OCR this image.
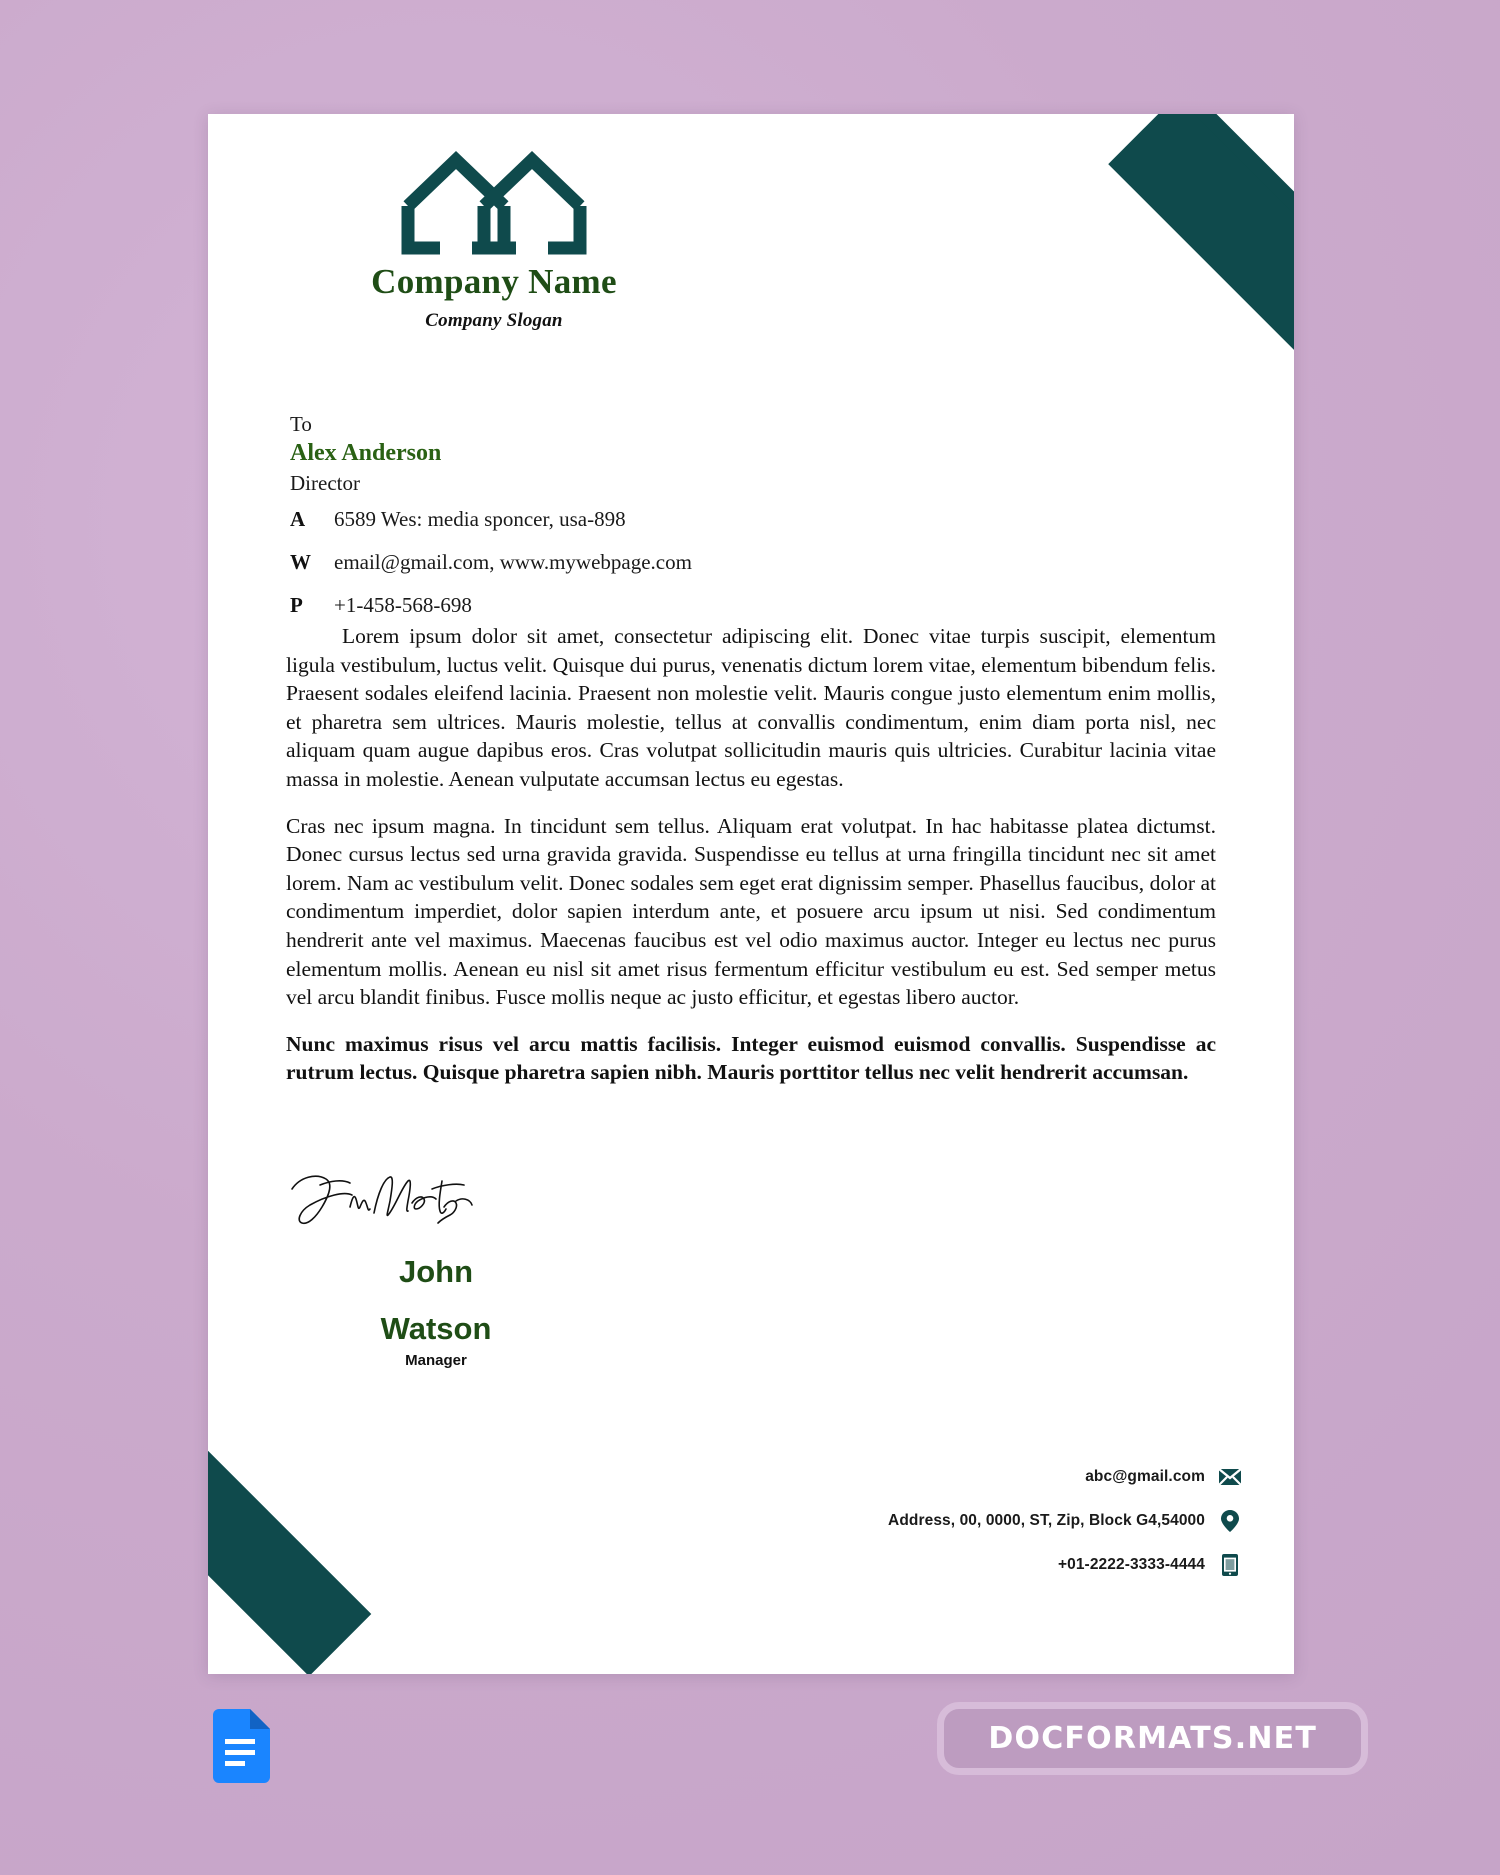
Company Name
Company Slogan
To
Alex Anderson
Director
A	6589 Wes: media sponcer, usa-898
W	email@gmail.com, www.mywebpage.com
P	+1-458-568-698

Lorem ipsum dolor sit amet, consectetur adipiscing elit. Donec vitae turpis suscipit, elementum ligula vestibulum, luctus velit. Quisque dui purus, venenatis dictum lorem vitae, elementum bibendum felis. Praesent sodales eleifend lacinia. Praesent non molestie velit. Mauris congue justo elementum enim mollis, et pharetra sem ultrices. Mauris molestie, tellus at convallis condimentum, enim diam porta nisl, nec aliquam quam augue dapibus eros. Cras volutpat sollicitudin mauris quis ultricies. Curabitur lacinia vitae massa in molestie. Aenean vulputate accumsan lectus eu egestas.

Cras nec ipsum magna. In tincidunt sem tellus. Aliquam erat volutpat. In hac habitasse platea dictumst. Donec cursus lectus sed urna gravida gravida. Suspendisse eu tellus at urna fringilla tincidunt nec sit amet lorem. Nam ac vestibulum velit. Donec sodales sem eget erat dignissim semper. Phasellus faucibus, dolor at condimentum imperdiet, dolor sapien interdum ante, et posuere arcu ipsum ut nisi. Sed condimentum hendrerit ante vel maximus. Maecenas faucibus est vel odio maximus auctor. Integer eu lectus nec purus elementum mollis. Aenean eu nisl sit amet risus fermentum efficitur vestibulum eu est. Sed semper metus vel arcu blandit finibus. Fusce mollis neque ac justo efficitur, et egestas libero auctor.

Nunc maximus risus vel arcu mattis facilisis. Integer euismod euismod convallis. Suspendisse ac rutrum lectus. Quisque pharetra sapien nibh. Mauris porttitor tellus nec velit hendrerit accumsan.

John
Watson
Manager
abc@gmail.com
Address, 00, 0000, ST, Zip, Block G4,54000
+01-2222-3333-4444
DOCFORMATS.NET
